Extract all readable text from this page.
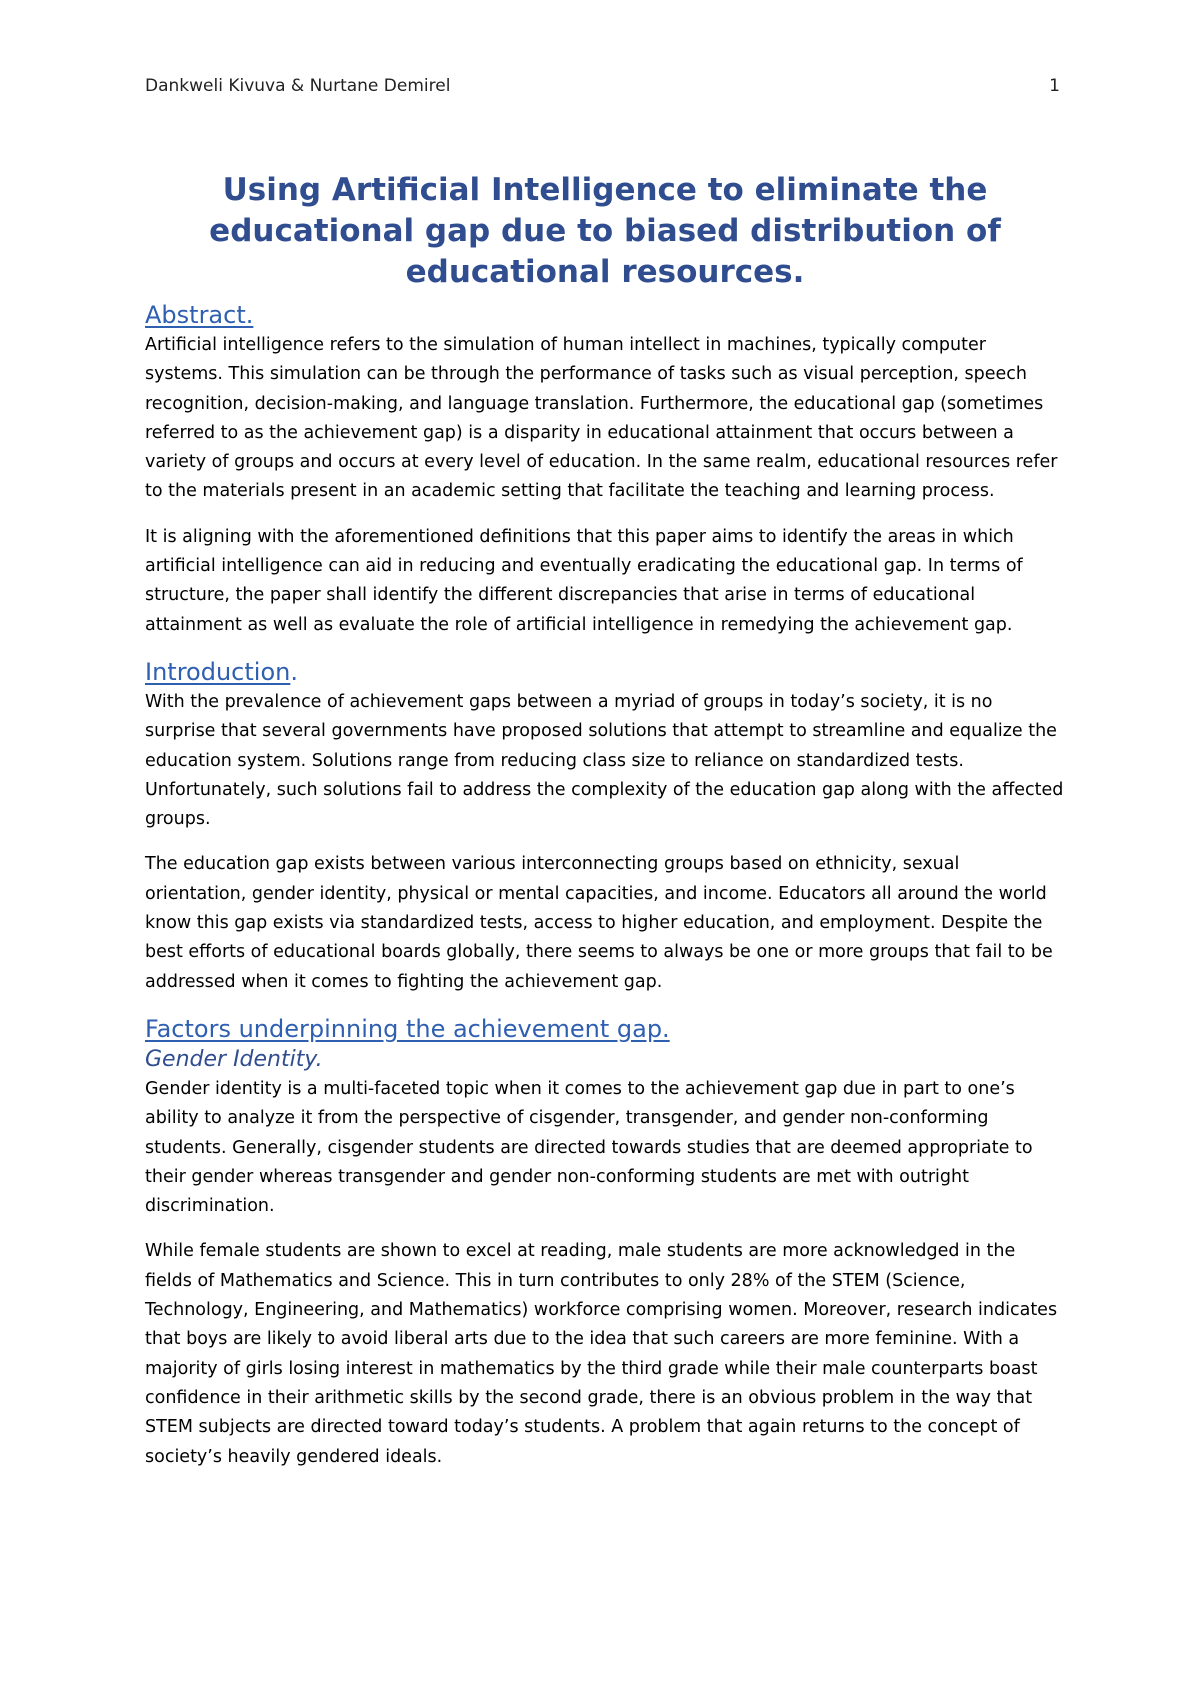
Dankweli Kivuva & Nurtane Demirel	1
Using Artificial Intelligence to eliminate the
educational gap due to biased distribution of
educational resources.
Abstract.

Artificial intelligence refers to the simulation of human intellect in machines, typically computer systems. This simulation can be through the performance of tasks such as visual perception, speech recognition, decision-making, and language translation. Furthermore, the educational gap (sometimes referred to as the achievement gap) is a disparity in educational attainment that occurs between a variety of groups and occurs at every level of education. In the same realm, educational resources refer to the materials present in an academic setting that facilitate the teaching and learning process.

It is aligning with the aforementioned definitions that this paper aims to identify the areas in which artificial intelligence can aid in reducing and eventually eradicating the educational gap. In terms of structure, the paper shall identify the different discrepancies that arise in terms of educational attainment as well as evaluate the role of artificial intelligence in remedying the achievement gap.

Introduction.

With the prevalence of achievement gaps between a myriad of groups in today’s society, it is no surprise that several governments have proposed solutions that attempt to streamline and equalize the education system. Solutions range from reducing class size to reliance on standardized tests. Unfortunately, such solutions fail to address the complexity of the education gap along with the affected groups.

The education gap exists between various interconnecting groups based on ethnicity, sexual orientation, gender identity, physical or mental capacities, and income. Educators all around the world know this gap exists via standardized tests, access to higher education, and employment. Despite the best efforts of educational boards globally, there seems to always be one or more groups that fail to be addressed when it comes to fighting the achievement gap.

Factors underpinning the achievement gap.
Gender Identity.

Gender identity is a multi-faceted topic when it comes to the achievement gap due in part to one’s ability to analyze it from the perspective of cisgender, transgender, and gender non-conforming students. Generally, cisgender students are directed towards studies that are deemed appropriate to their gender whereas transgender and gender non-conforming students are met with outright discrimination.

While female students are shown to excel at reading, male students are more acknowledged in the fields of Mathematics and Science. This in turn contributes to only 28% of the STEM (Science, Technology, Engineering, and Mathematics) workforce comprising women. Moreover, research indicates that boys are likely to avoid liberal arts due to the idea that such careers are more feminine. With a majority of girls losing interest in mathematics by the third grade while their male counterparts boast confidence in their arithmetic skills by the second grade, there is an obvious problem in the way that STEM subjects are directed toward today’s students. A problem that again returns to the concept of society’s heavily gendered ideals.
